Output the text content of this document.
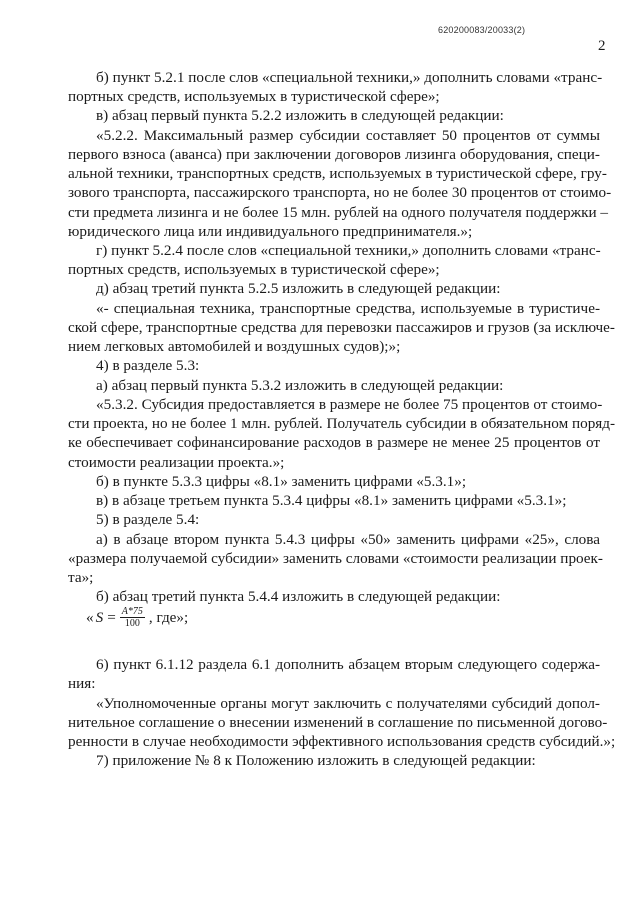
620200083/20033(2)
2
б) пункт 5.2.1 после слов «специальной техники,» дополнить словами «транс-
портных средств, используемых в туристической сфере»;
в) абзац первый пункта 5.2.2 изложить в следующей редакции:
«5.2.2. Максимальный размер субсидии составляет 50 процентов от суммы
первого взноса (аванса) при заключении договоров лизинга оборудования, специ-
альной техники, транспортных средств, используемых в туристической сфере, гру-
зового транспорта, пассажирского транспорта, но не более 30 процентов от стоимо-
сти предмета лизинга и не более 15 млн. рублей на одного получателя поддержки –
юридического лица или индивидуального предпринимателя.»;
г) пункт 5.2.4 после слов «специальной техники,» дополнить словами «транс-
портных средств, используемых в туристической сфере»;
д) абзац третий пункта 5.2.5 изложить в следующей редакции:
«- специальная техника, транспортные средства, используемые в туристиче-
ской сфере, транспортные средства для перевозки пассажиров и грузов (за исключе-
нием легковых автомобилей и воздушных судов);»;
4) в разделе 5.3:
а) абзац первый пункта 5.3.2 изложить в следующей редакции:
«5.3.2. Субсидия предоставляется в размере не более 75 процентов от стоимо-
сти проекта, но не более 1 млн. рублей. Получатель субсидии в обязательном поряд-
ке обеспечивает софинансирование расходов в размере не менее 25 процентов от
стоимости реализации проекта.»;
б) в пункте 5.3.3 цифры «8.1» заменить цифрами «5.3.1»;
в) в абзаце третьем пункта 5.3.4 цифры «8.1» заменить цифрами «5.3.1»;
5) в разделе 5.4:
а) в абзаце втором пункта 5.4.3 цифры «50» заменить цифрами «25», слова
«размера получаемой субсидии» заменить словами «стоимости реализации проек-
та»;
б) абзац третий пункта 5.4.4 изложить в следующей редакции:
« $S = \frac{A*75}{100}$ , где»;
6) пункт 6.1.12 раздела 6.1 дополнить абзацем вторым следующего содержа-
ния:
«Уполномоченные органы могут заключить с получателями субсидий допол-
нительное соглашение о внесении изменений в соглашение по письменной догово-
ренности в случае необходимости эффективного использования средств субсидий.»;
7) приложение № 8 к Положению изложить в следующей редакции:
